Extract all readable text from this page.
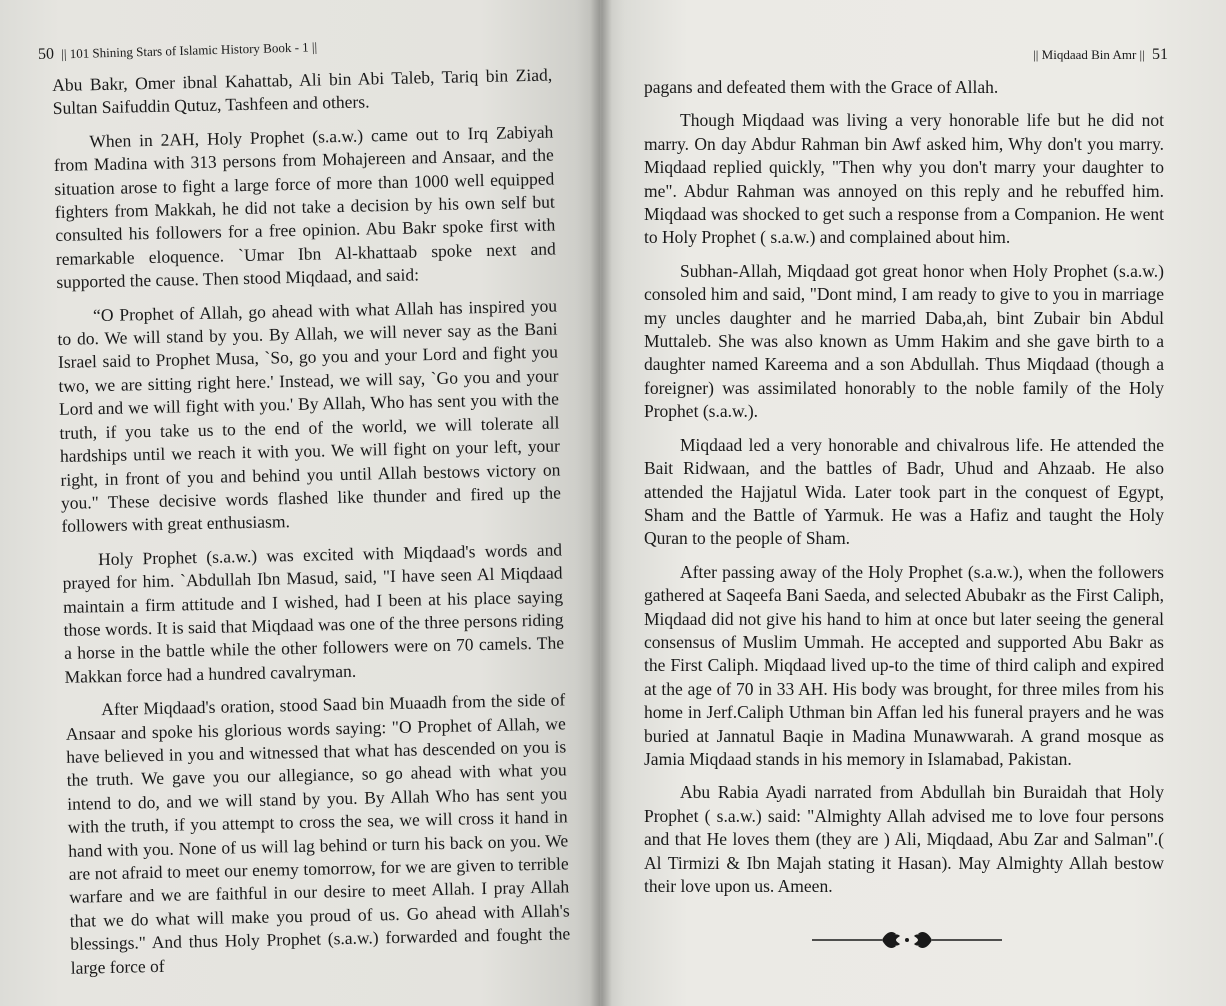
50 || 101 Shining Stars of Islamic History Book - 1 ||

Abu Bakr, Omer ibnal Kahattab, Ali bin Abi Taleb, Tariq bin Ziad, Sultan Saifuddin Qutuz, Tashfeen and others.

When in 2AH, Holy Prophet (s.a.w.) came out to Irq Zabiyah from Madina with 313 persons from Mohajereen and Ansaar, and the situation arose to fight a large force of more than 1000 well equipped fighters from Makkah, he did not take a decision by his own self but consulted his followers for a free opinion. Abu Bakr spoke first with remarkable eloquence. `Umar Ibn Al-khattaab spoke next and supported the cause. Then stood Miqdaad, and said:

“O Prophet of Allah, go ahead with what Allah has inspired you to do. We will stand by you. By Allah, we will never say as the Bani Israel said to Prophet Musa, `So, go you and your Lord and fight you two, we are sitting right here.' Instead, we will say, `Go you and your Lord and we will fight with you.' By Allah, Who has sent you with the truth, if you take us to the end of the world, we will tolerate all hardships until we reach it with you. We will fight on your left, your right, in front of you and behind you until Allah bestows victory on you." These decisive words flashed like thunder and fired up the followers with great enthusiasm.

Holy Prophet (s.a.w.) was excited with Miqdaad's words and prayed for him. `Abdullah Ibn Masud, said, "I have seen Al Miqdaad maintain a firm attitude and I wished, had I been at his place saying those words. It is said that Miqdaad was one of the three persons riding a horse in the battle while the other followers were on 70 camels. The Makkan force had a hundred cavalryman.

After Miqdaad's oration, stood Saad bin Muaadh from the side of Ansaar and spoke his glorious words saying: "O Prophet of Allah, we have believed in you and witnessed that what has descended on you is the truth. We gave you our allegiance, so go ahead with what you intend to do, and we will stand by you. By Allah Who has sent you with the truth, if you attempt to cross the sea, we will cross it hand in hand with you. None of us will lag behind or turn his back on you. We are not afraid to meet our enemy tomorrow, for we are given to terrible warfare and we are faithful in our desire to meet Allah. I pray Allah that we do what will make you proud of us. Go ahead with Allah's blessings." And thus Holy Prophet (s.a.w.) forwarded and fought the large force of

|| Miqdaad Bin Amr || 51

pagans and defeated them with the Grace of Allah.

Though Miqdaad was living a very honorable life but he did not marry. On day Abdur Rahman bin Awf asked him, Why don't you marry. Miqdaad replied quickly, "Then why you don't marry your daughter to me". Abdur Rahman was annoyed on this reply and he rebuffed him. Miqdaad was shocked to get such a response from a Companion. He went to Holy Prophet ( s.a.w.) and complained about him.

Subhan-Allah, Miqdaad got great honor when Holy Prophet (s.a.w.) consoled him and said, "Dont mind, I am ready to give to you in marriage my uncles daughter and he married Daba,ah, bint Zubair bin Abdul Muttaleb. She was also known as Umm Hakim and she gave birth to a daughter named Kareema and a son Abdullah. Thus Miqdaad (though a foreigner) was assimilated honorably to the noble family of the Holy Prophet (s.a.w.).

Miqdaad led a very honorable and chivalrous life. He attended the Bait Ridwaan, and the battles of Badr, Uhud and Ahzaab. He also attended the Hajjatul Wida. Later took part in the conquest of Egypt, Sham and the Battle of Yarmuk. He was a Hafiz and taught the Holy Quran to the people of Sham.

After passing away of the Holy Prophet (s.a.w.), when the followers gathered at Saqeefa Bani Saeda, and selected Abubakr as the First Caliph, Miqdaad did not give his hand to him at once but later seeing the general consensus of Muslim Ummah. He accepted and supported Abu Bakr as the First Caliph. Miqdaad lived up-to the time of third caliph and expired at the age of 70 in 33 AH. His body was brought, for three miles from his home in Jerf.Caliph Uthman bin Affan led his funeral prayers and he was buried at Jannatul Baqie in Madina Munawwarah. A grand mosque as Jamia Miqdaad stands in his memory in Islamabad, Pakistan.

Abu Rabia Ayadi narrated from Abdullah bin Buraidah that Holy Prophet ( s.a.w.) said: "Almighty Allah advised me to love four persons and that He loves them (they are ) Ali, Miqdaad, Abu Zar and Salman".( Al Tirmizi & Ibn Majah stating it Hasan). May Almighty Allah bestow their love upon us. Ameen.
